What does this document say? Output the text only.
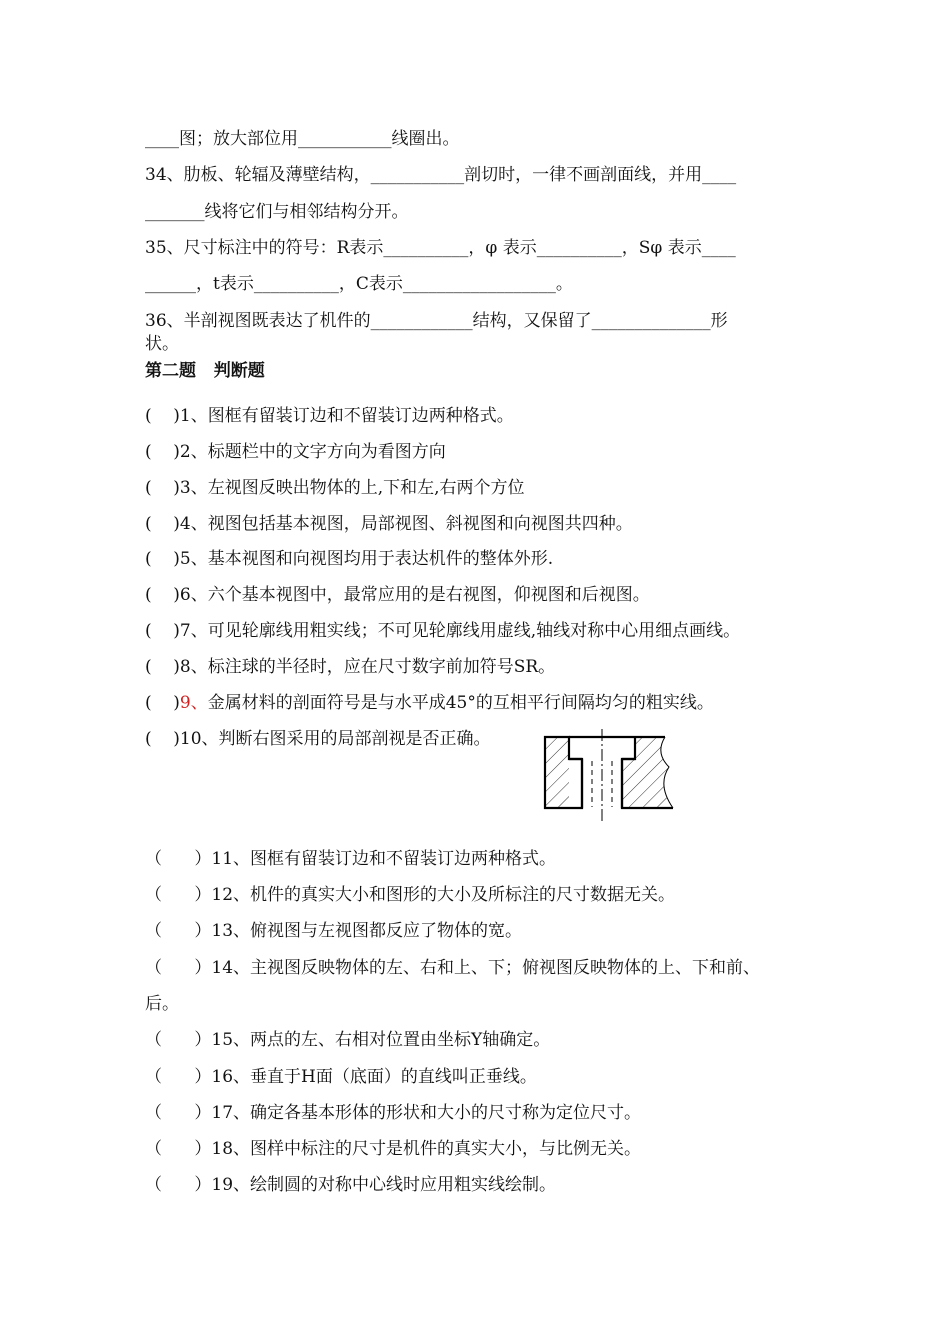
____图；放大部位用___________线圈出。
34、肋板、轮辐及薄壁结构，___________剖切时，一律不画剖面线，并用____
_______线将它们与相邻结构分开。
35、尺寸标注中的符号：R表示__________，φ 表示__________，Sφ 表示____
______，t表示__________，C表示__________________。
36、半剖视图既表达了机件的____________结构，又保留了______________形
状。
第二题   判断题
(    )1、图框有留装订边和不留装订边两种格式。
(    )2、标题栏中的文字方向为看图方向
(    )3、左视图反映出物体的上,下和左,右两个方位
(    )4、视图包括基本视图，局部视图、斜视图和向视图共四种。
(    )5、基本视图和向视图均用于表达机件的整体外形.
(    )6、六个基本视图中，最常应用的是右视图，仰视图和后视图。
(    )7、可见轮廓线用粗实线；不可见轮廓线用虚线,轴线对称中心用细点画线。
(    )8、标注球的半径时，应在尺寸数字前加符号SR。
(    )9、金属材料的剖面符号是与水平成45°的互相平行间隔均匀的粗实线。
(    )10、判断右图采用的局部剖视是否正确。
（      ）11、图框有留装订边和不留装订边两种格式。
（      ）12、机件的真实大小和图形的大小及所标注的尺寸数据无关。
（      ）13、俯视图与左视图都反应了物体的宽。
（      ）14、主视图反映物体的左、右和上、下；俯视图反映物体的上、下和前、
后。
（      ）15、两点的左、右相对位置由坐标Y轴确定。
（      ）16、垂直于H面（底面）的直线叫正垂线。
（      ）17、确定各基本形体的形状和大小的尺寸称为定位尺寸。
（      ）18、图样中标注的尺寸是机件的真实大小，与比例无关。
（      ）19、绘制圆的对称中心线时应用粗实线绘制。
